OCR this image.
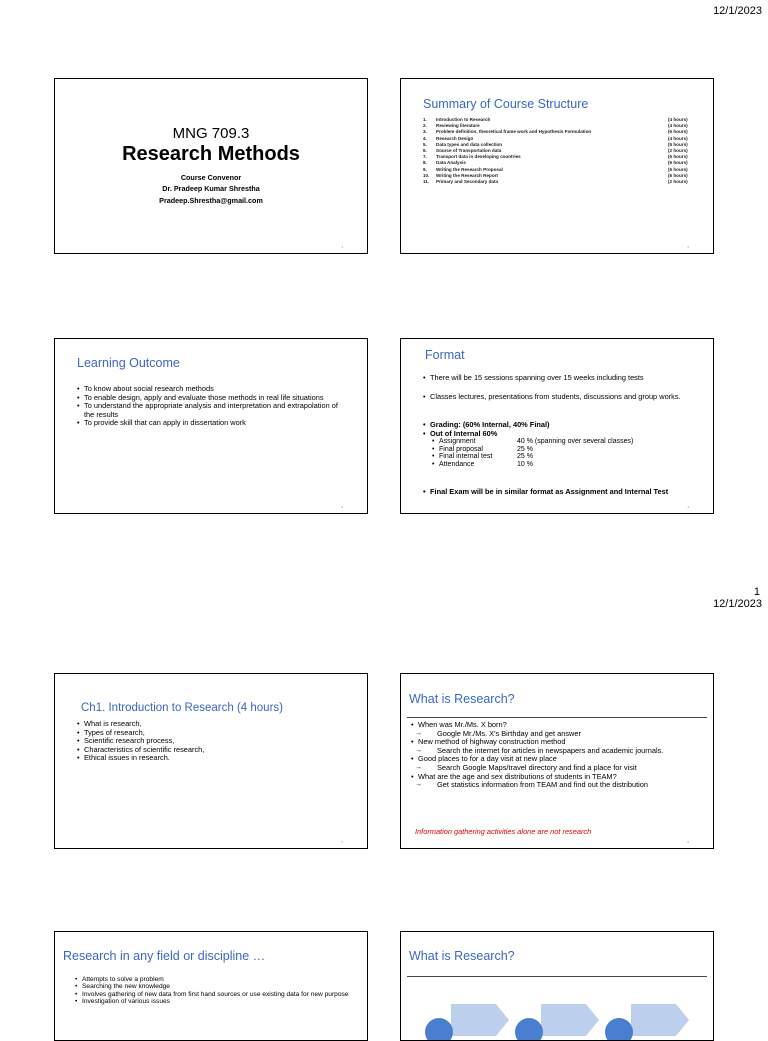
12/1/2023
1
12/1/2023
MNG 709.3
Research Methods
Course Convenor
Dr. Pradeep Kumar Shrestha
Pradeep.Shrestha@gmail.com
1
Summary of Course Structure
1.	Introduction to Research	(4 hours)
2.	Reviewing literature	(4 hours)
3.	Problem definition, theoretical frame work and Hypothesis Formulation	(6 hours)
4.	Research Design	(4 hours)
5.	Data types and data collection	(5 hours)
6.	Source of Transportation data	(2 hours)
7.	Transport data in developing countries	(6 hours)
8.	Data Analysis	(6 hours)
9.	Writing the Research Proposal	(6 hours)
10.	Writing the Research Report	(6 hours)
11.	Primary and Secondary data	(2 hours)
2
Learning Outcome
• To know about social research methods
• To enable design, apply and evaluate those methods in real life situations
• To understand the appropriate analysis and interpretation and extrapolation of the results
• To provide skill that can apply in dissertation work
3
Format
• There will be 15 sessions spanning over 15 weeks including tests
• Classes lectures, presentations from students, discussions and group works.
• Grading: (60% Internal, 40% Final)
• Out of Internal 60%
• Assignment	40 % (spanning over several classes)
• Final proposal	25 %
• Final internal test	25 %
• Attendance	10 %
• Final Exam will be in similar format as Assignment and Internal Test
4
Ch1. Introduction to Research (4 hours)
• What is research,
• Types of research,
• Scientific research process,
• Characteristics of scientific research,
• Ethical issues in research.
5
What is Research?
• When was Mr./Ms. X born?
→ Google Mr./Ms. X's Birthday and get answer
• New method of highway construction method
→ Search the internet for articles in newspapers and academic journals.
• Good places to for a day visit at new place
→ Search Google Maps/travel directory and find a place for visit
• What are the age and sex distributions of students in TEAM?
→ Get statistics information from TEAM and find out the distribution
Information gathering activities alone are not research
6
Research in any field or discipline …
• Attempts to solve a problem
• Searching the new knowledge
• Involves gathering of new data from first hand sources or use existing data for new purpose
• Investigation of various issues
What is Research?
